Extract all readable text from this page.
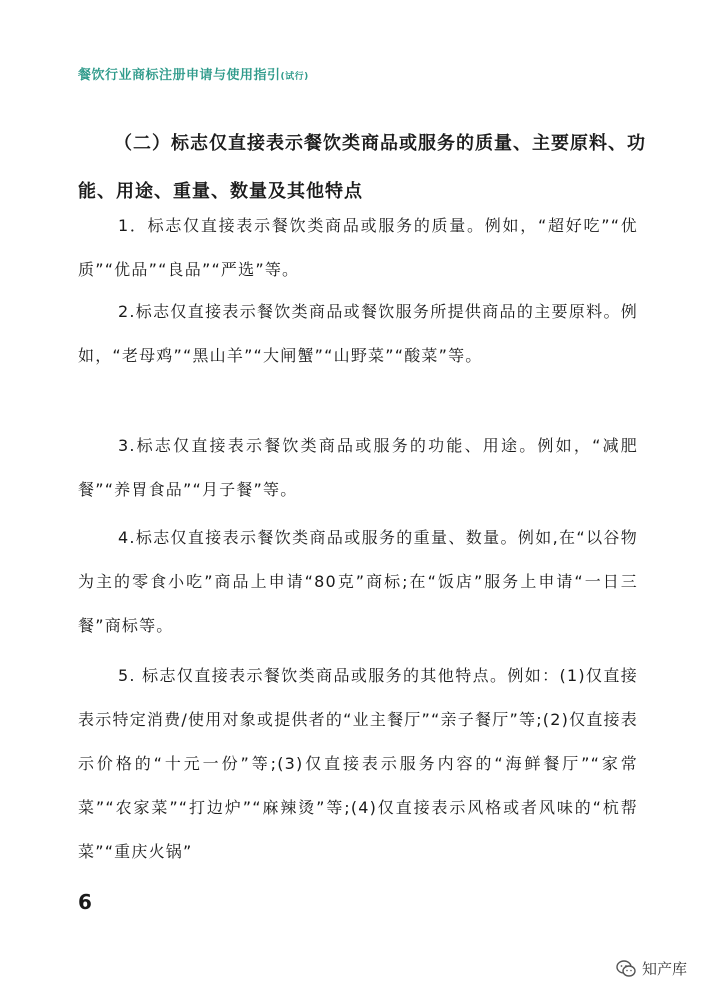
餐饮行业商标注册申请与使用指引(试行)
（二）标志仅直接表示餐饮类商品或服务的质量、主要原料、功能、用途、重量、数量及其他特点
1．标志仅直接表示餐饮类商品或服务的质量。例如，“超好吃”“优质”“优品”“良品”“严选”等。
2.标志仅直接表示餐饮类商品或餐饮服务所提供商品的主要原料。例如，“老母鸡”“黑山羊”“大闸蟹”“山野菜”“酸菜”等。
3.标志仅直接表示餐饮类商品或服务的功能、用途。例如，“减肥餐”“养胃食品”“月子餐”等。
4.标志仅直接表示餐饮类商品或服务的重量、数量。例如,在“以谷物为主的零食小吃”商品上申请“80克”商标;在“饭店”服务上申请“一日三餐”商标等。
5. 标志仅直接表示餐饮类商品或服务的其他特点。例如：(1)仅直接表示特定消费/使用对象或提供者的“业主餐厅”“亲子餐厅”等;(2)仅直接表示价格的“十元一份”等;(3)仅直接表示服务内容的“海鲜餐厅”“家常菜”“农家菜”“打边炉”“麻辣烫”等;(4)仅直接表示风格或者风味的“杭帮菜”“重庆火锅”
6
知产库
